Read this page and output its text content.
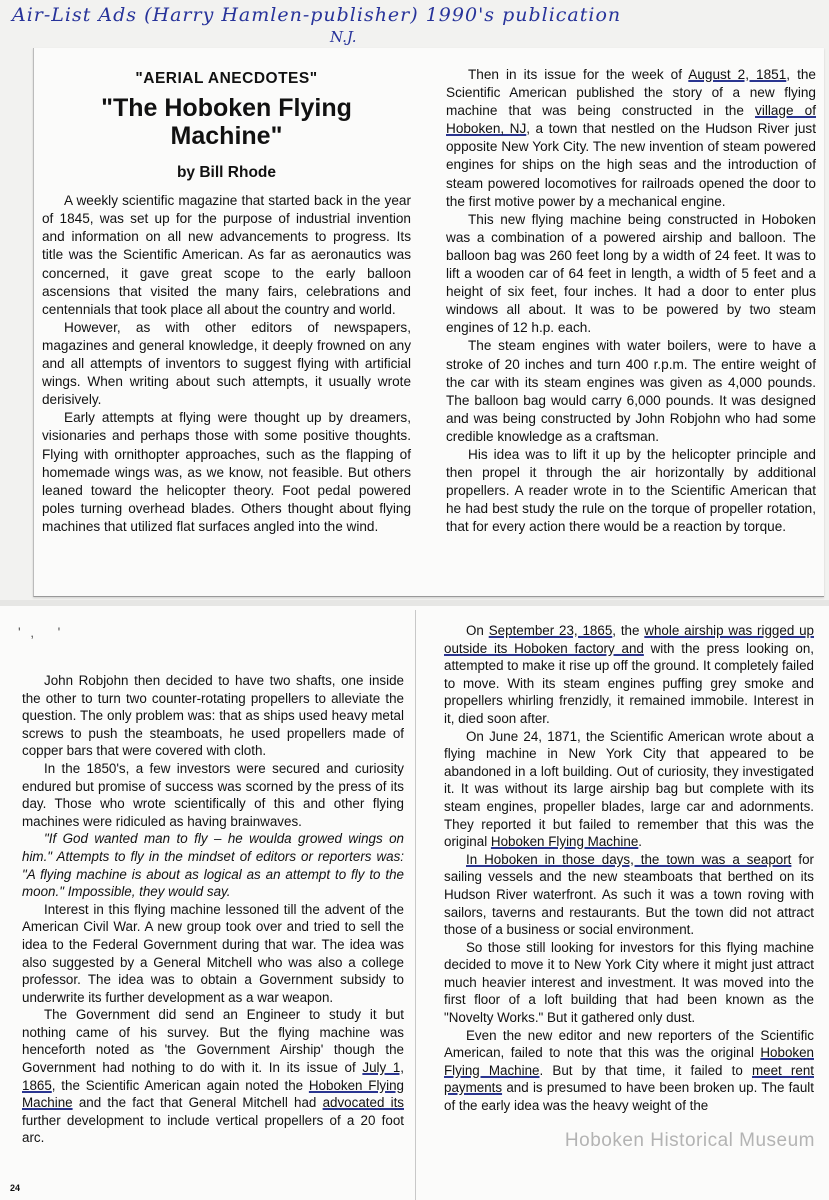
Air-List Ads (Harry Hamlen-publisher) 1990's publication
N.J.
"AERIAL ANECDOTES"
"The Hoboken Flying Machine"
by Bill Rhode

A weekly scientific magazine that started back in the year of 1845, was set up for the purpose of industrial invention and information on all new advancements to progress. Its title was the Scientific American. As far as aeronautics was concerned, it gave great scope to the early balloon ascensions that visited the many fairs, celebrations and centennials that took place all about the country and world.

However, as with other editors of newspapers, magazines and general knowledge, it deeply frowned on any and all attempts of inventors to suggest flying with artificial wings. When writing about such attempts, it usually wrote derisively.

Early attempts at flying were thought up by dreamers, visionaries and perhaps those with some positive thoughts. Flying with ornithopter approaches, such as the flapping of homemade wings was, as we know, not feasible. But others leaned toward the helicopter theory. Foot pedal powered poles turning overhead blades. Others thought about flying machines that utilized flat surfaces angled into the wind.

Then in its issue for the week of August 2, 1851, the Scientific American published the story of a new flying machine that was being constructed in the village of Hoboken, NJ, a town that nestled on the Hudson River just opposite New York City. The new invention of steam powered engines for ships on the high seas and the introduction of steam powered locomotives for railroads opened the door to the first motive power by a mechanical engine.

This new flying machine being constructed in Hoboken was a combination of a powered airship and balloon. The balloon bag was 260 feet long by a width of 24 feet. It was to lift a wooden car of 64 feet in length, a width of 5 feet and a height of six feet, four inches. It had a door to enter plus windows all about. It was to be powered by two steam engines of 12 h.p. each.

The steam engines with water boilers, were to have a stroke of 20 inches and turn 400 r.p.m. The entire weight of the car with its steam engines was given as 4,000 pounds. The balloon bag would carry 6,000 pounds. It was designed and was being constructed by John Robjohn who had some credible knowledge as a craftsman.

His idea was to lift it up by the helicopter principle and then propel it through the air horizontally by additional propellers. A reader wrote in to the Scientific American that he had best study the rule on the torque of propeller rotation, that for every action there would be a reaction by torque.

'‚ '

John Robjohn then decided to have two shafts, one inside the other to turn two counter-rotating propellers to alleviate the question. The only problem was: that as ships used heavy metal screws to push the steamboats, he used propellers made of copper bars that were covered with cloth.

In the 1850's, a few investors were secured and curiosity endured but promise of success was scorned by the press of its day. Those who wrote scientifically of this and other flying machines were ridiculed as having brainwaves.

"If God wanted man to fly – he woulda growed wings on him." Attempts to fly in the mindset of editors or reporters was: "A flying machine is about as logical as an attempt to fly to the moon." Impossible, they would say.

Interest in this flying machine lessoned till the advent of the American Civil War. A new group took over and tried to sell the idea to the Federal Government during that war. The idea was also suggested by a General Mitchell who was also a college professor. The idea was to obtain a Government subsidy to underwrite its further development as a war weapon.

The Government did send an Engineer to study it but nothing came of his survey. But the flying machine was henceforth noted as 'the Government Airship' though the Government had nothing to do with it. In its issue of July 1, 1865, the Scientific American again noted the Hoboken Flying Machine and the fact that General Mitchell had advocated its further development to include vertical propellers of a 20 foot arc.

On September 23, 1865, the whole airship was rigged up outside its Hoboken factory and with the press looking on, attempted to make it rise up off the ground. It completely failed to move. With its steam engines puffing grey smoke and propellers whirling frenzidly, it remained immobile. Interest in it, died soon after.

On June 24, 1871, the Scientific American wrote about a flying machine in New York City that appeared to be abandoned in a loft building. Out of curiosity, they investigated it. It was without its large airship bag but complete with its steam engines, propeller blades, large car and adornments. They reported it but failed to remember that this was the original Hoboken Flying Machine.

In Hoboken in those days, the town was a seaport for sailing vessels and the new steamboats that berthed on its Hudson River waterfront. As such it was a town roving with sailors, taverns and restaurants. But the town did not attract those of a business or social environment.

So those still looking for investors for this flying machine decided to move it to New York City where it might just attract much heavier interest and investment. It was moved into the first floor of a loft building that had been known as the "Novelty Works." But it gathered only dust.

Even the new editor and new reporters of the Scientific American, failed to note that this was the original Hoboken Flying Machine. But by that time, it failed to meet rent payments and is presumed to have been broken up. The fault of the early idea was the heavy weight of the

Hoboken Historical Museum
24
